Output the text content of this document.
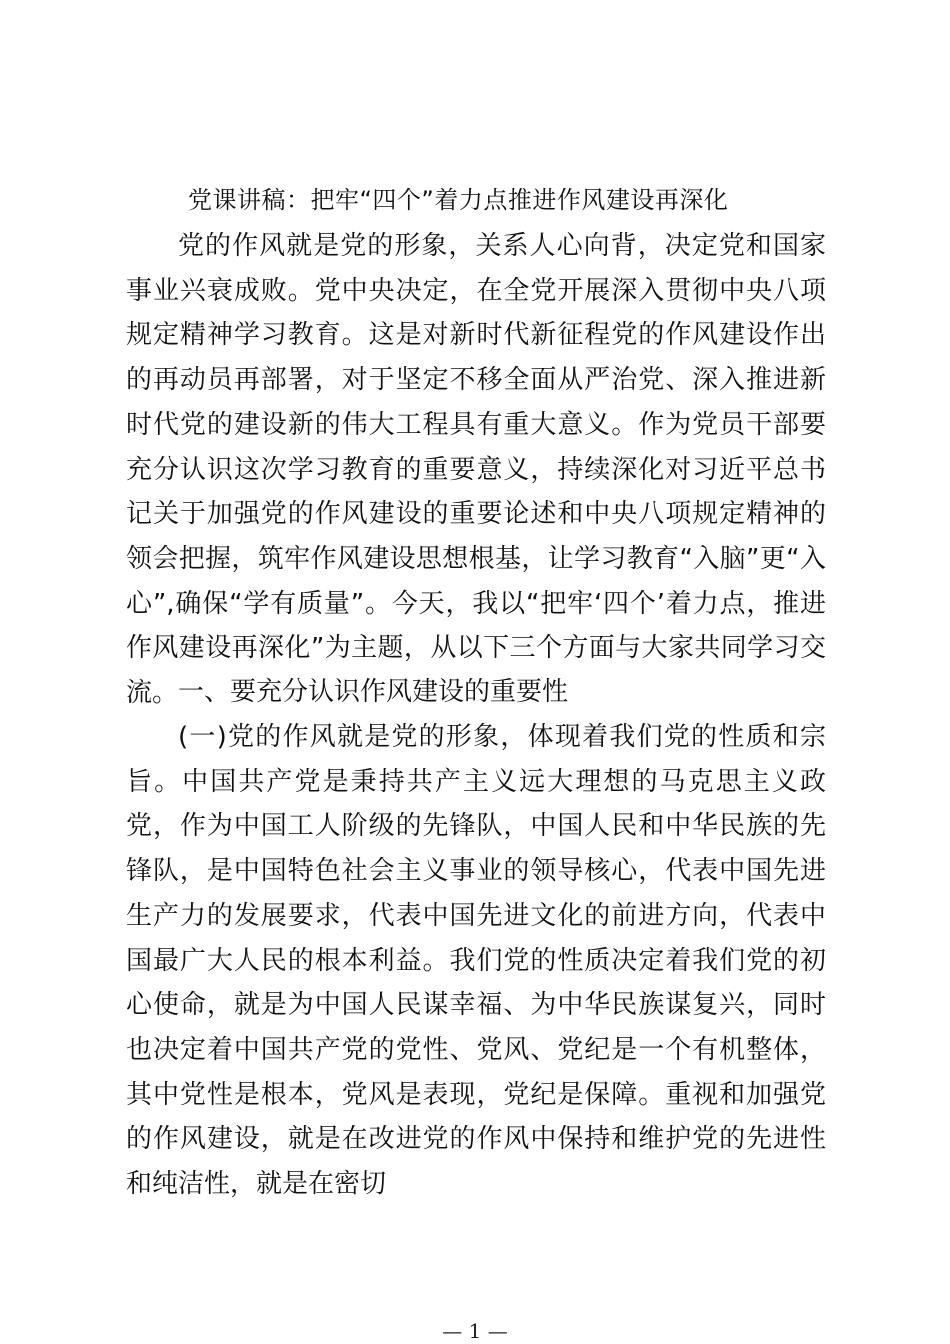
党课讲稿：把牢“四个”着力点推进作风建设再深化

党的作风就是党的形象，关系人心向背，决定党和国家事业兴衰成败。党中央决定，在全党开展深入贯彻中央八项规定精神学习教育。这是对新时代新征程党的作风建设作出的再动员再部署，对于坚定不移全面从严治党、深入推进新时代党的建设新的伟大工程具有重大意义。作为党员干部要充分认识这次学习教育的重要意义，持续深化对习近平总书记关于加强党的作风建设的重要论述和中央八项规定精神的领会把握，筑牢作风建设思想根基，让学习教育“入脑”更“入心”,确保“学有质量”。今天，我以“把牢‘四个’着力点，推进作风建设再深化”为主题，从以下三个方面与大家共同学习交流。 一、要充分认识作风建设的重要性

(一)党的作风就是党的形象，体现着我们党的性质和宗旨。中国共产党是秉持共产主义远大理想的马克思主义政党，作为中国工人阶级的先锋队，中国人民和中华民族的先锋队，是中国特色社会主义事业的领导核心，代表中国先进生产力的发展要求，代表中国先进文化的前进方向，代表中国最广大人民的根本利益。我们党的性质决定着我们党的初心使命，就是为中国人民谋幸福、为中华民族谋复兴，同时也决定着中国共产党的党性、党风、党纪是一个有机整体，其中党性是根本，党风是表现，党纪是保障。重视和加强党的作风建设，就是在改进党的作风中保持和维护党的先进性和纯洁性，就是在密切

— 1 —
